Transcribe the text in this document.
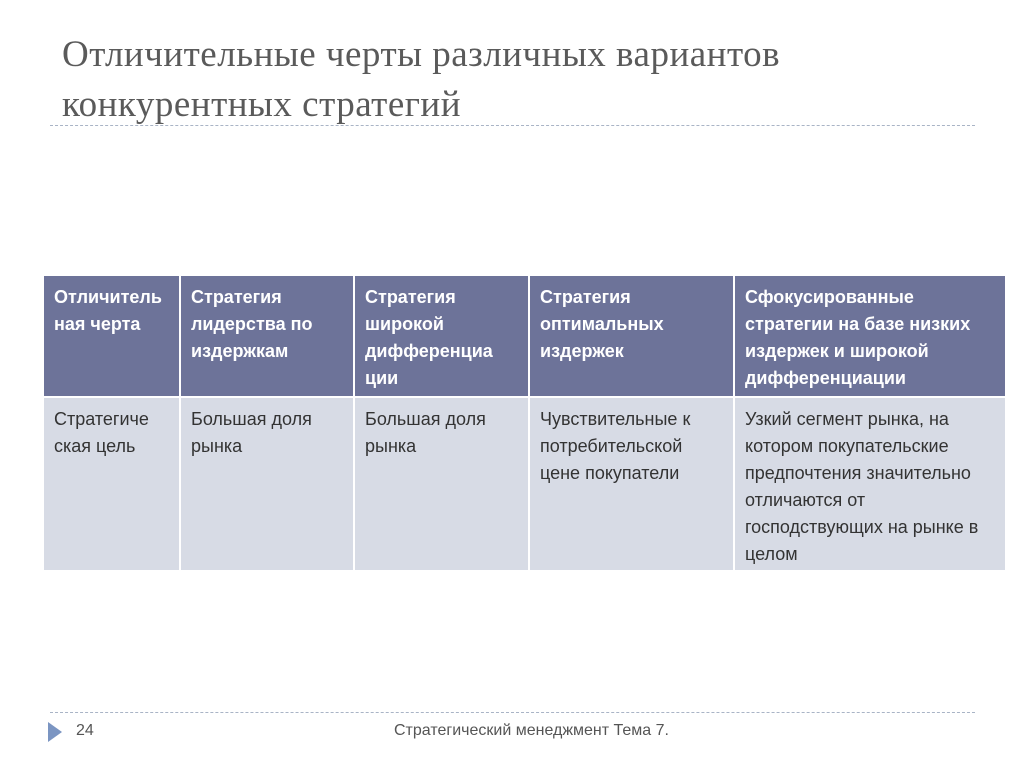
Отличительные черты различных вариантов конкурентных стратегий
Отличитель ная черта	Стратегия лидерства по издержкам	Стратегия широкой дифференциа ции	Стратегия оптимальных издержек	Сфокусированные стратегии на базе низких издержек и широкой дифференциации
Стратегиче ская цель	Большая доля рынка	Большая доля рынка	Чувствительные к потребительской цене покупатели	Узкий сегмент рынка, на котором покупательские предпочтения значительно отличаются от господствующих на рынке в целом
24	Стратегический менеджмент Тема 7.
